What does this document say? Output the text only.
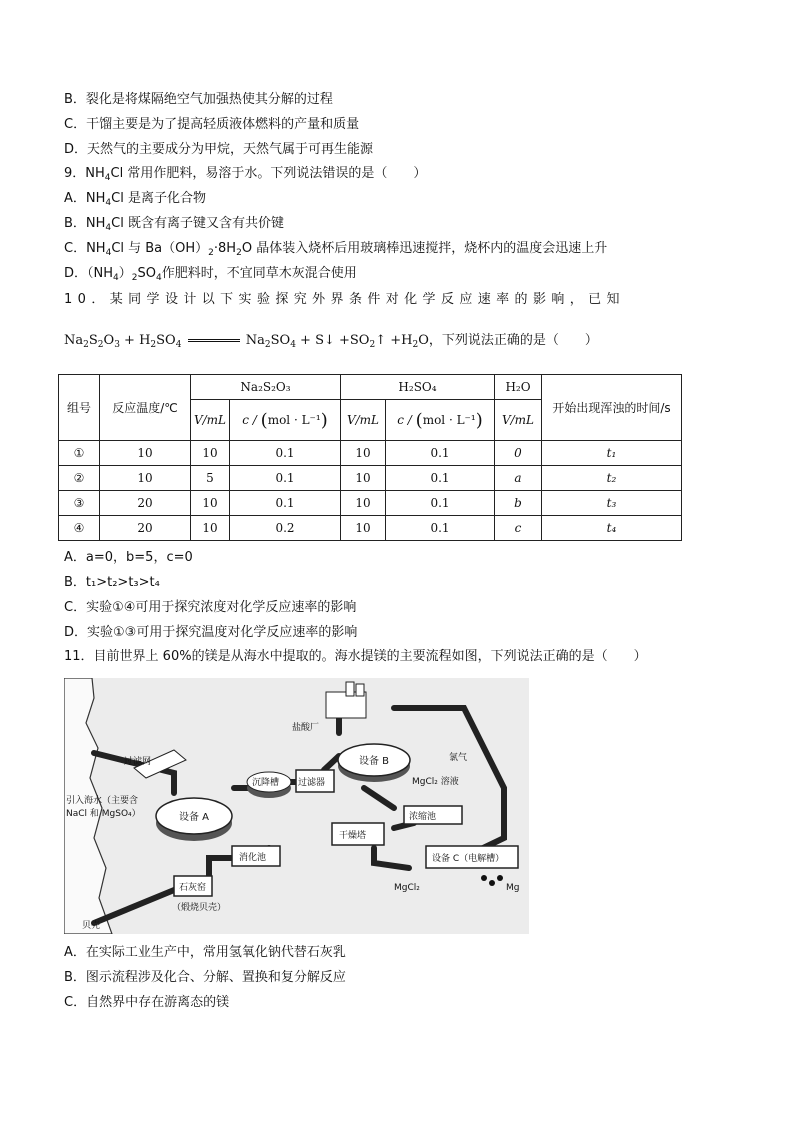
B．裂化是将煤隔绝空气加强热使其分解的过程
C．干馏主要是为了提高轻质液体燃料的产量和质量
D．天然气的主要成分为甲烷，天然气属于可再生能源
9．$NH_4Cl$ 常用作肥料，易溶于水。下列说法错误的是（　　）
A．$NH_4Cl$ 是离子化合物
B．$NH_4Cl$ 既含有离子键又含有共价键
C．$NH_4Cl$ 与 $Ba(OH)_2\cdot 8H_2O$ 晶体装入烧杯后用玻璃棒迅速搅拌，烧杯内的温度会迅速上升
D．$(NH_4)_2SO_4$作肥料时，不宜同草木灰混合使用
10．某同学设计以下实验探究外界条件对化学反应速率的影响，已知
$Na_2S_2O_3 + H_2SO_4$	$Na_2SO_4$ + S↓ $+SO_2↑ +H_2O$，下列说法正确的是（　　）
组号	反应温度/℃	Na₂S₂O₃		H₂SO₄		H₂O	开始出现浑浊的时间/s
		V/mL	c / (mol · L⁻¹)	V/mL	c / (mol · L⁻¹)	V/mL	
①	10	10	0.1	10	0.1	0	t₁
②	10	5	0.1	10	0.1	a	t₂
③	20	10	0.1	10	0.1	b	t₃
④	20	10	0.2	10	0.1	c	t₄
A．a=0，b=5，c=0
B．t₁>t₂>t₃>t₄
C．实验①④可用于探究浓度对化学反应速率的影响
D．实验①③可用于探究温度对化学反应速率的影响
11．目前世界上 60%的镁是从海水中提取的。海水提镁的主要流程如图，下列说法正确的是（　　）
过滤网
引入海水（主要含
NaCl 和 MgSO₄）	设备 A
沉降槽 过滤器
设备 B
盐酸厂
MgCl₂ 溶液
氯气
浓缩池
干燥塔
设备 C（电解槽）
Mg
MgCl₂
石灰窑
（煅烧贝壳）
消化池
贝壳
A．在实际工业生产中，常用氢氧化钠代替石灰乳
B．图示流程涉及化合、分解、置换和复分解反应
C．自然界中存在游离态的镁
